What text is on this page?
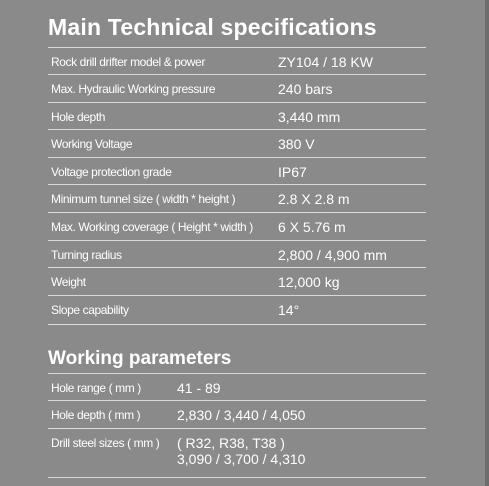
Main Technical specifications
Rock drill drifter model & power	ZY104 / 18 KW
Max. Hydraulic Working pressure	240 bars
Hole depth	3,440 mm
Working Voltage	380 V
Voltage protection grade	IP67
Minimum tunnel size ( width * height )	2.8 X 2.8 m
Max. Working coverage ( Height * width ) 6 X 5.76 m
Turning radius	2,800 / 4,900 mm
Weight	12,000 kg
Slope capability	14°
Working parameters
Hole range ( mm )	41 - 89
Hole depth ( mm )	2,830 / 3,440 / 4,050
Drill steel sizes ( mm ) ( R32, R38, T38 )
3,090 / 3,700 / 4,310
